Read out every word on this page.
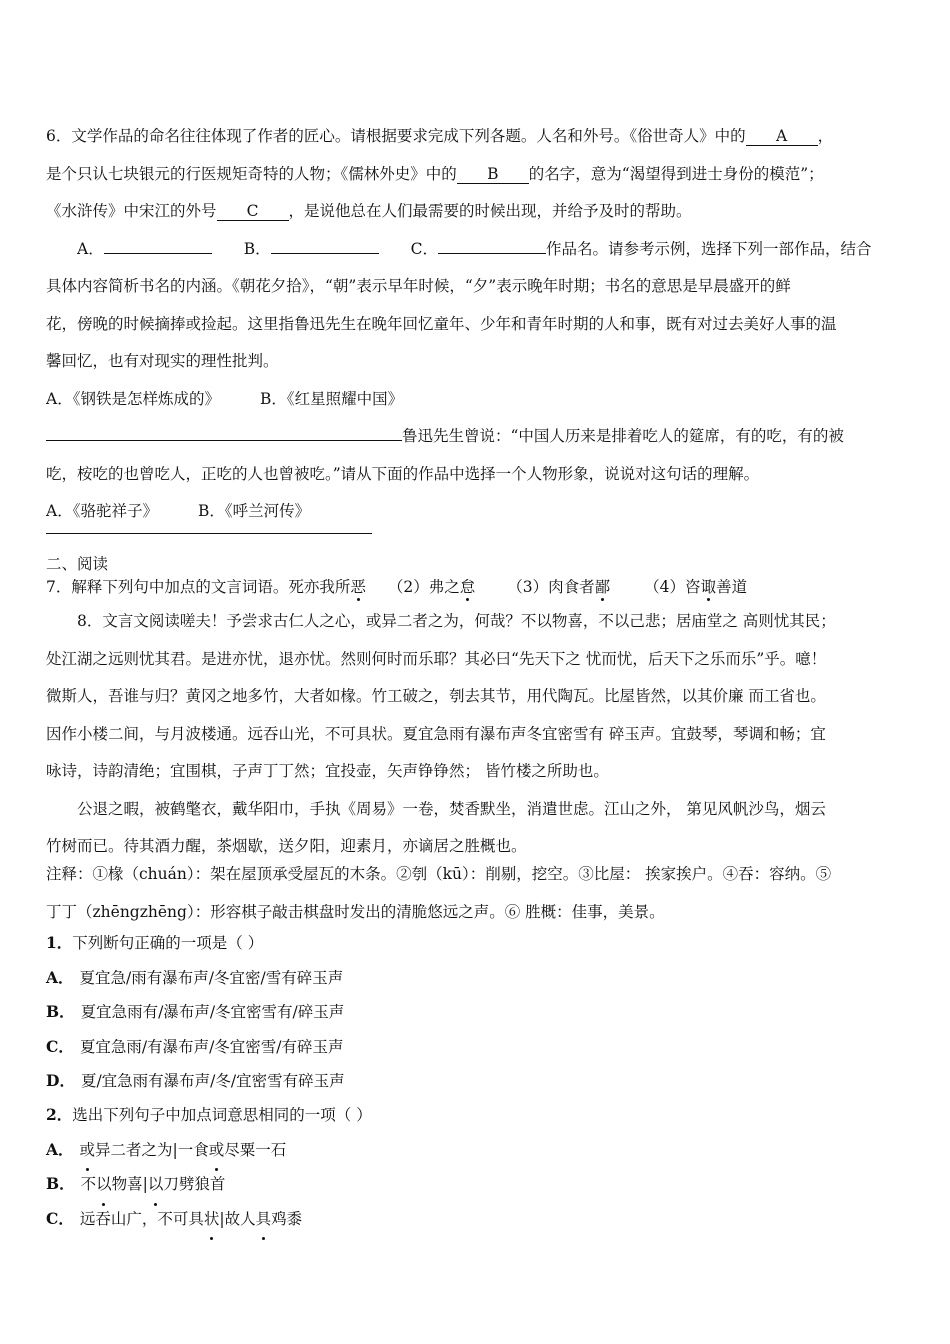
6．文学作品的命名往往体现了作者的匠心。请根据要求完成下列各题。人名和外号。《俗世奇人》中的 A ，
是个只认七块银元的行医规矩奇特的人物；《儒林外史》中的 B 的名字，意为“渴望得到进士身份的模范”；
《水浒传》中宋江的外号 C ，是说他总在人们最需要的时候出现，并给予及时的帮助。
A．	B．	C．	作品名。请参考示例，选择下列一部作品，结合
具体内容简析书名的内涵。《朝花夕拾》，“朝”表示早年时候，“夕”表示晚年时期；书名的意思是早晨盛开的鲜
花，傍晚的时候摘捧或捡起。这里指鲁迅先生在晚年回忆童年、少年和青年时期的人和事，既有对过去美好人事的温
馨回忆，也有对现实的理性批判。
A．《钢铁是怎样炼成的》	B．《红星照耀中国》
鲁迅先生曾说：“中国人历来是排着吃人的筵席，有的吃，有的被
吃，桉吃的也曾吃人，正吃的人也曾被吃。”请从下面的作品中选择一个人物形象，说说对这句话的理解。
A．《骆驼祥子》	B．《呼兰河传》
二、阅读
7．解释下列句中加点的文言词语。死亦我所恶 （2）弗之怠 （3）肉食者鄙 （4）咨诹善道
8．文言文阅读嗟夫！予尝求古仁人之心，或异二者之为，何哉？不以物喜，不以己悲；居庙堂之 高则忧其民；
处江湖之远则忧其君。是进亦忧，退亦忧。然则何时而乐耶？其必曰“先天下之 忧而忧，后天下之乐而乐”乎。噫！
微斯人，吾谁与归？黄冈之地多竹，大者如椽。竹工破之，刳去其节，用代陶瓦。比屋皆然，以其价廉 而工省也。
因作小楼二间，与月波楼通。远吞山光，不可具状。夏宜急雨有瀑布声冬宜密雪有 碎玉声。宜鼓琴，琴调和畅；宜
咏诗，诗韵清绝；宜围棋，子声丁丁然；宜投壶，矢声铮铮然； 皆竹楼之所助也。
公退之暇，被鹤氅衣，戴华阳巾，手执《周易》一卷，焚香默坐，消遣世虑。江山之外， 第见风帆沙鸟，烟云
竹树而已。待其酒力醒，茶烟歇，送夕阳，迎素月，亦谪居之胜概也。
注释：①椽（chuán）：架在屋顶承受屋瓦的木条。②刳（kū）：削剔，挖空。③比屋： 挨家挨户。④吞：容纳。⑤
丁丁（zhēngzhēng）：形容棋子敲击棋盘时发出的清脆悠远之声。⑥ 胜概：佳事，美景。
1．下列断句正确的一项是（ ）
A． 夏宜急/雨有瀑布声/冬宜密/雪有碎玉声
B． 夏宜急雨有/瀑布声/冬宜密雪有/碎玉声
C． 夏宜急雨/有瀑布声/冬宜密雪/有碎玉声
D． 夏/宜急雨有瀑布声/冬/宜密雪有碎玉声
2．选出下列句子中加点词意思相同的一项（ ）
A． 或异二者之为|一食或尽粟一石
B． 不以物喜|以刀劈狼首
C． 远吞山广，不可具状|故人具鸡黍
